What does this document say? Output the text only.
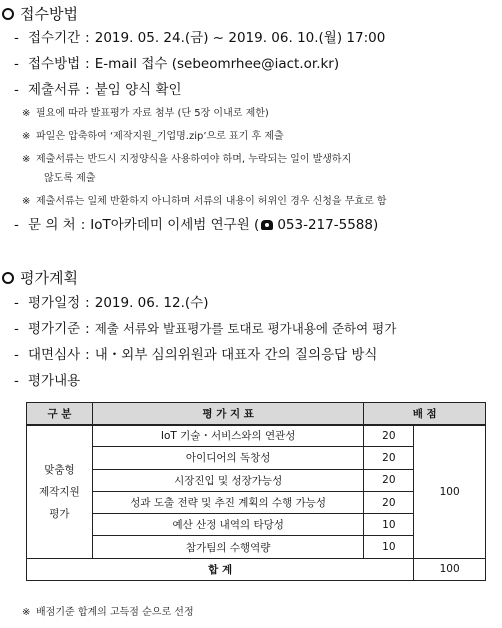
접수방법
- 접수기간 : 2019. 05. 24.(금) ~ 2019. 06. 10.(월) 17:00
- 접수방법 : E-mail 접수 (sebeomrhee@iact.or.kr)
- 제출서류 : 붙임 양식 확인
※ 필요에 따라 발표평가 자료 첨부 (단 5장 이내로 제한)
※ 파일은 압축하여 ‘제작지원_기업명.zip’으로 표기 후 제출
※ 제출서류는 반드시 지정양식을 사용하여야 하며, 누락되는 일이 발생하지
않도록 제출
※ 제출서류는 일체 반환하지 아니하며 서류의 내용이 허위인 경우 신청을 무효로 함
- 문 의 처 : IoT아카데미 이세범 연구원 ( 053-217-5588)
평가계획
- 평가일정 : 2019. 06. 12.(수)
- 평가기준 : 제출 서류와 발표평가를 토대로 평가내용에 준하여 평가
- 대면심사 : 내・외부 심의위원과 대표자 간의 질의응답 방식
- 평가내용
구 분	평 가 지 표	배 점	

맞춤형
제작지원
평가	IoT 기술・서비스와의 연관성	20	100
	아이디어의 독창성	20	
	시장진입 및 성장가능성	20	
	성과 도출 전략 및 추진 계획의 수행 가능성	20	
	예산 산정 내역의 타당성	10	
	참가팀의 수행역량	10	
합 계			100
※ 배점기준 합계의 고득점 순으로 선정
